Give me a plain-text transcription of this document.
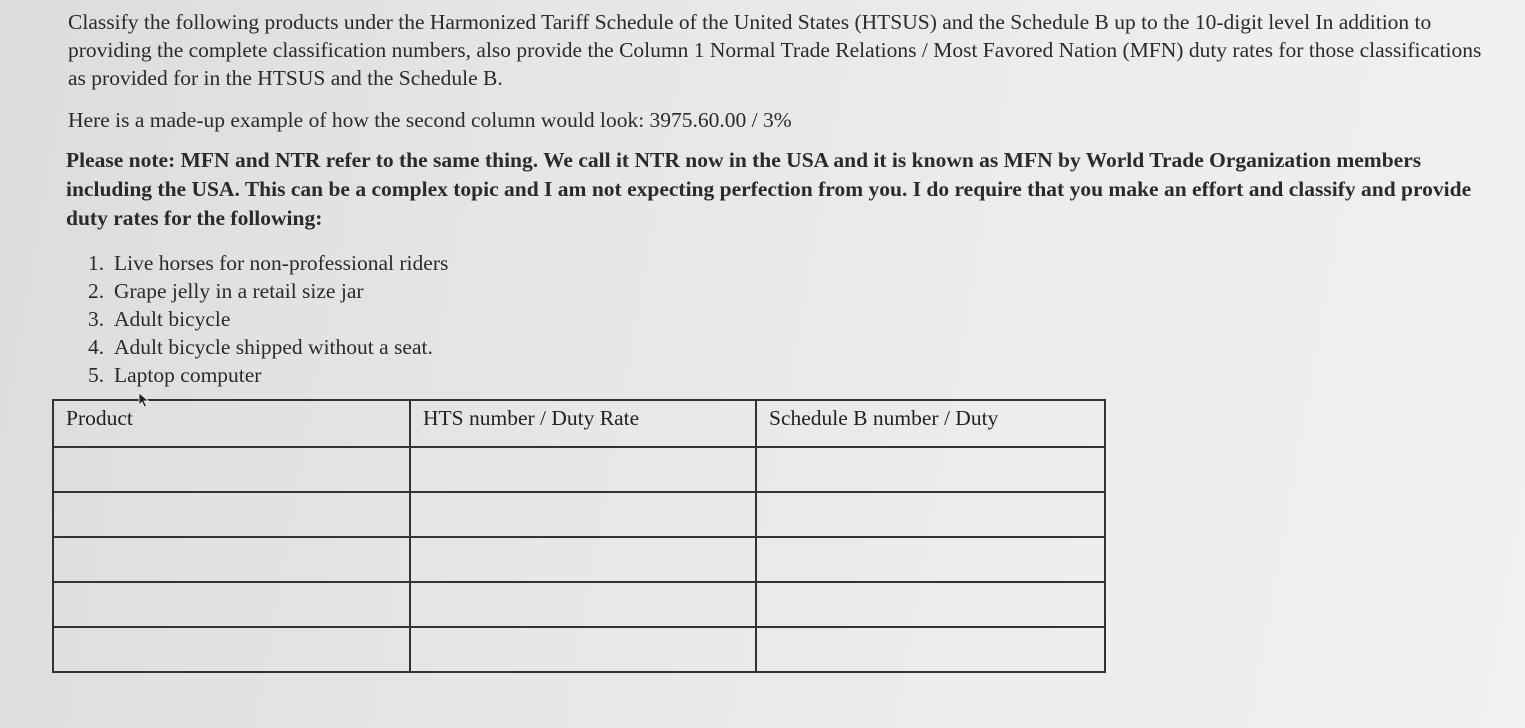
Classify the following products under the Harmonized Tariff Schedule of the United States (HTSUS) and the Schedule B up to the 10-digit level In addition to providing the complete classification numbers, also provide the Column 1 Normal Trade Relations / Most Favored Nation (MFN) duty rates for those classifications as provided for in the HTSUS and the Schedule B.

Here is a made-up example of how the second column would look: 3975.60.00 / 3%

Please note: MFN and NTR refer to the same thing. We call it NTR now in the USA and it is known as MFN by World Trade Organization members including the USA. This can be a complex topic and I am not expecting perfection from you. I do require that you make an effort and classify and provide duty rates for the following:

1. Live horses for non-professional riders
2. Grape jelly in a retail size jar
3. Adult bicycle
4. Adult bicycle shipped without a seat.
5. Laptop computer
Product	HTS number / Duty Rate	Schedule B number / Duty
